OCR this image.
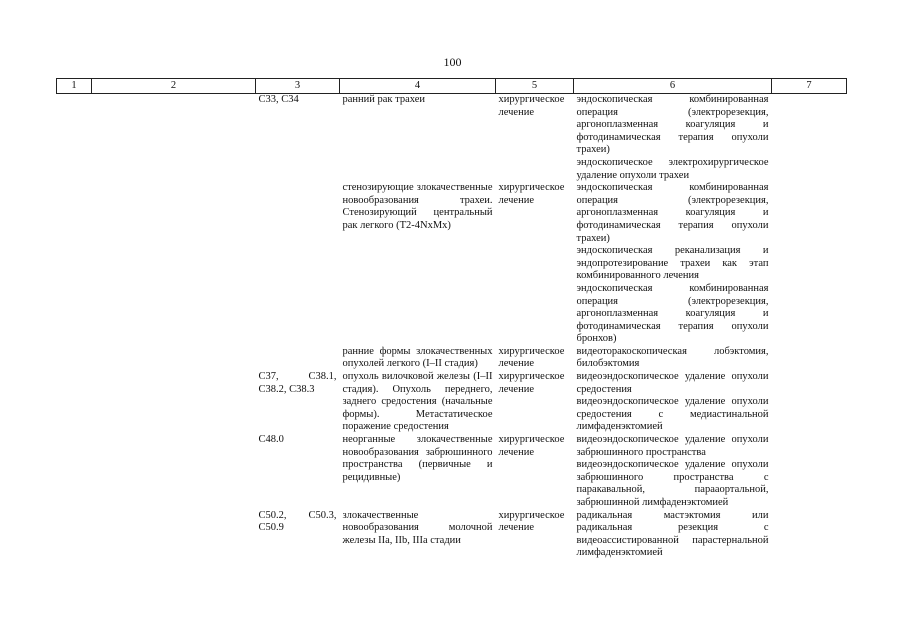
100
1	2	3	4	5	6	7
		C33, C34	ранний рак трахеи	хирургическое лечение	эндоскопическая комбинированная операция (электрорезекция, аргоноплазменная коагуляция и фотодинамическая терапия опухоли трахеи)
эндоскопическое электрохирургическое удаление опухоли трахеи	

			стенозирующие злокачественные новообразования трахеи. Стенозирующий центральный рак легкого (T2-4NxMx)	хирургическое лечение	эндоскопическая комбинированная операция (электрорезекция, аргоноплазменная коагуляция и фотодинамическая терапия опухоли трахеи)
эндоскопическая реканализация и эндопротезирование трахеи как этап комбинированного лечения
эндоскопическая комбинированная операция (электрорезекция, аргоноплазменная коагуляция и фотодинамическая терапия опухоли бронхов)	

			ранние формы злокачественных опухолей легкого (I–II стадия)	хирургическое лечение	видеоторакоскопическая лобэктомия, билобэктомия	

		C37, C38.1, C38.2, C38.3	опухоль вилочковой железы (I–II стадия). Опухоль переднего, заднего средостения (начальные формы). Метастатическое поражение средостения	хирургическое лечение	видеоэндоскопическое удаление опухоли средостения
видеоэндоскопическое удаление опухоли средостения с медиастинальной лимфаденэктомией	

		C48.0	неорганные злокачественные новообразования забрюшинного пространства (первичные и рецидивные)	хирургическое лечение	видеоэндоскопическое удаление опухоли забрюшинного пространства
видеоэндоскопическое удаление опухоли забрюшинного пространства с паракавальной, парааортальной, забрюшинной лимфаденэктомией	

		C50.2, C50.3, C50.9	злокачественные новообразования молочной железы IIa, IIb, IIIa стадии	хирургическое лечение	радикальная мастэктомия или радикальная резекция с видеоассистированной парастернальной лимфаденэктомией	
